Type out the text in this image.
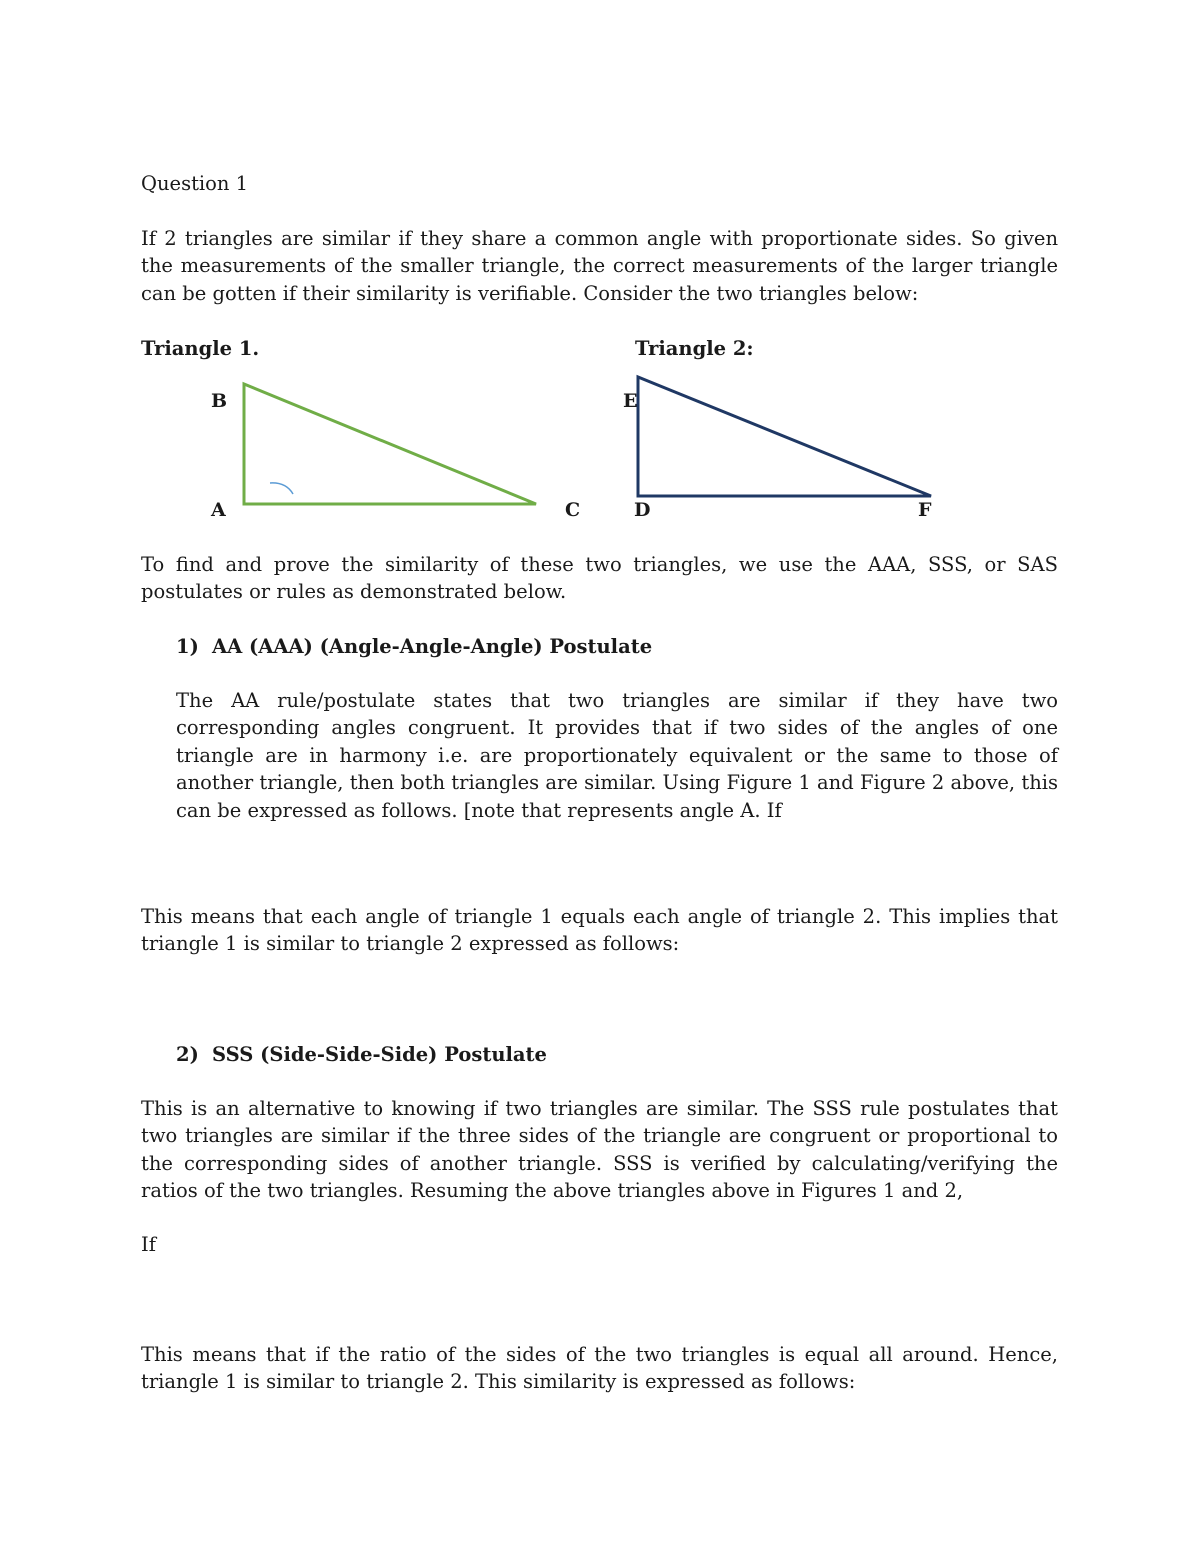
Question 1

If 2 triangles are similar if they share a common angle with proportionate sides. So given the measurements of the smaller triangle, the correct measurements of the larger triangle can be gotten if their similarity is verifiable. Consider the two triangles below:

Triangle 1.	Triangle 2:

B
A	C
E
D	F

To find and prove the similarity of these two triangles, we use the AAA, SSS, or SAS postulates or rules as demonstrated below.

1) AA (AAA) (Angle-Angle-Angle) Postulate

The AA rule/postulate states that two triangles are similar if they have two corresponding angles congruent. It provides that if two sides of the angles of one triangle are in harmony i.e. are proportionately equivalent or the same to those of another triangle, then both triangles are similar. Using Figure 1 and Figure 2 above, this can be expressed as follows. [note that represents angle A. If

This means that each angle of triangle 1 equals each angle of triangle 2. This implies that triangle 1 is similar to triangle 2 expressed as follows:

2) SSS (Side-Side-Side) Postulate

This is an alternative to knowing if two triangles are similar. The SSS rule postulates that two triangles are similar if the three sides of the triangle are congruent or proportional to the corresponding sides of another triangle. SSS is verified by calculating/verifying the ratios of the two triangles. Resuming the above triangles above in Figures 1 and 2,

If

This means that if the ratio of the sides of the two triangles is equal all around. Hence, triangle 1 is similar to triangle 2. This similarity is expressed as follows:
